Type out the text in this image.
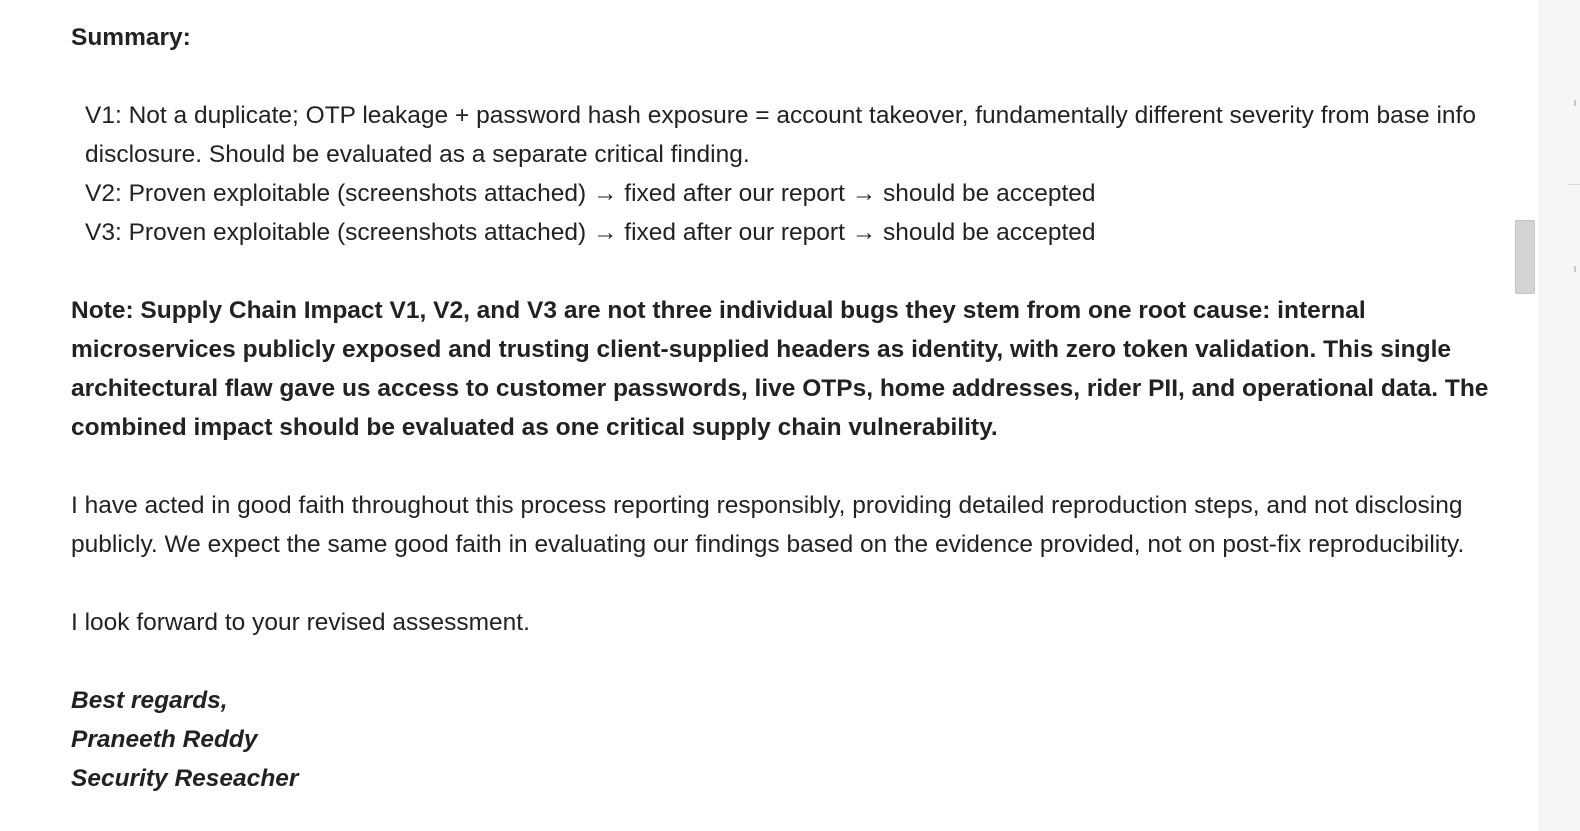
Summary:

V1: Not a duplicate; OTP leakage + password hash exposure = account takeover, fundamentally different severity from base info disclosure. Should be evaluated as a separate critical finding.

V2: Proven exploitable (screenshots attached) → fixed after our report → should be accepted

V3: Proven exploitable (screenshots attached) → fixed after our report → should be accepted

Note: Supply Chain Impact V1, V2, and V3 are not three individual bugs they stem from one root cause: internal microservices publicly exposed and trusting client-supplied headers as identity, with zero token validation. This single architectural flaw gave us access to customer passwords, live OTPs, home addresses, rider PII, and operational data. The combined impact should be evaluated as one critical supply chain vulnerability.

I have acted in good faith throughout this process reporting responsibly, providing detailed reproduction steps, and not disclosing publicly. We expect the same good faith in evaluating our findings based on the evidence provided, not on post-fix reproducibility.

I look forward to your revised assessment.

Best regards,

Praneeth Reddy

Security Reseacher
